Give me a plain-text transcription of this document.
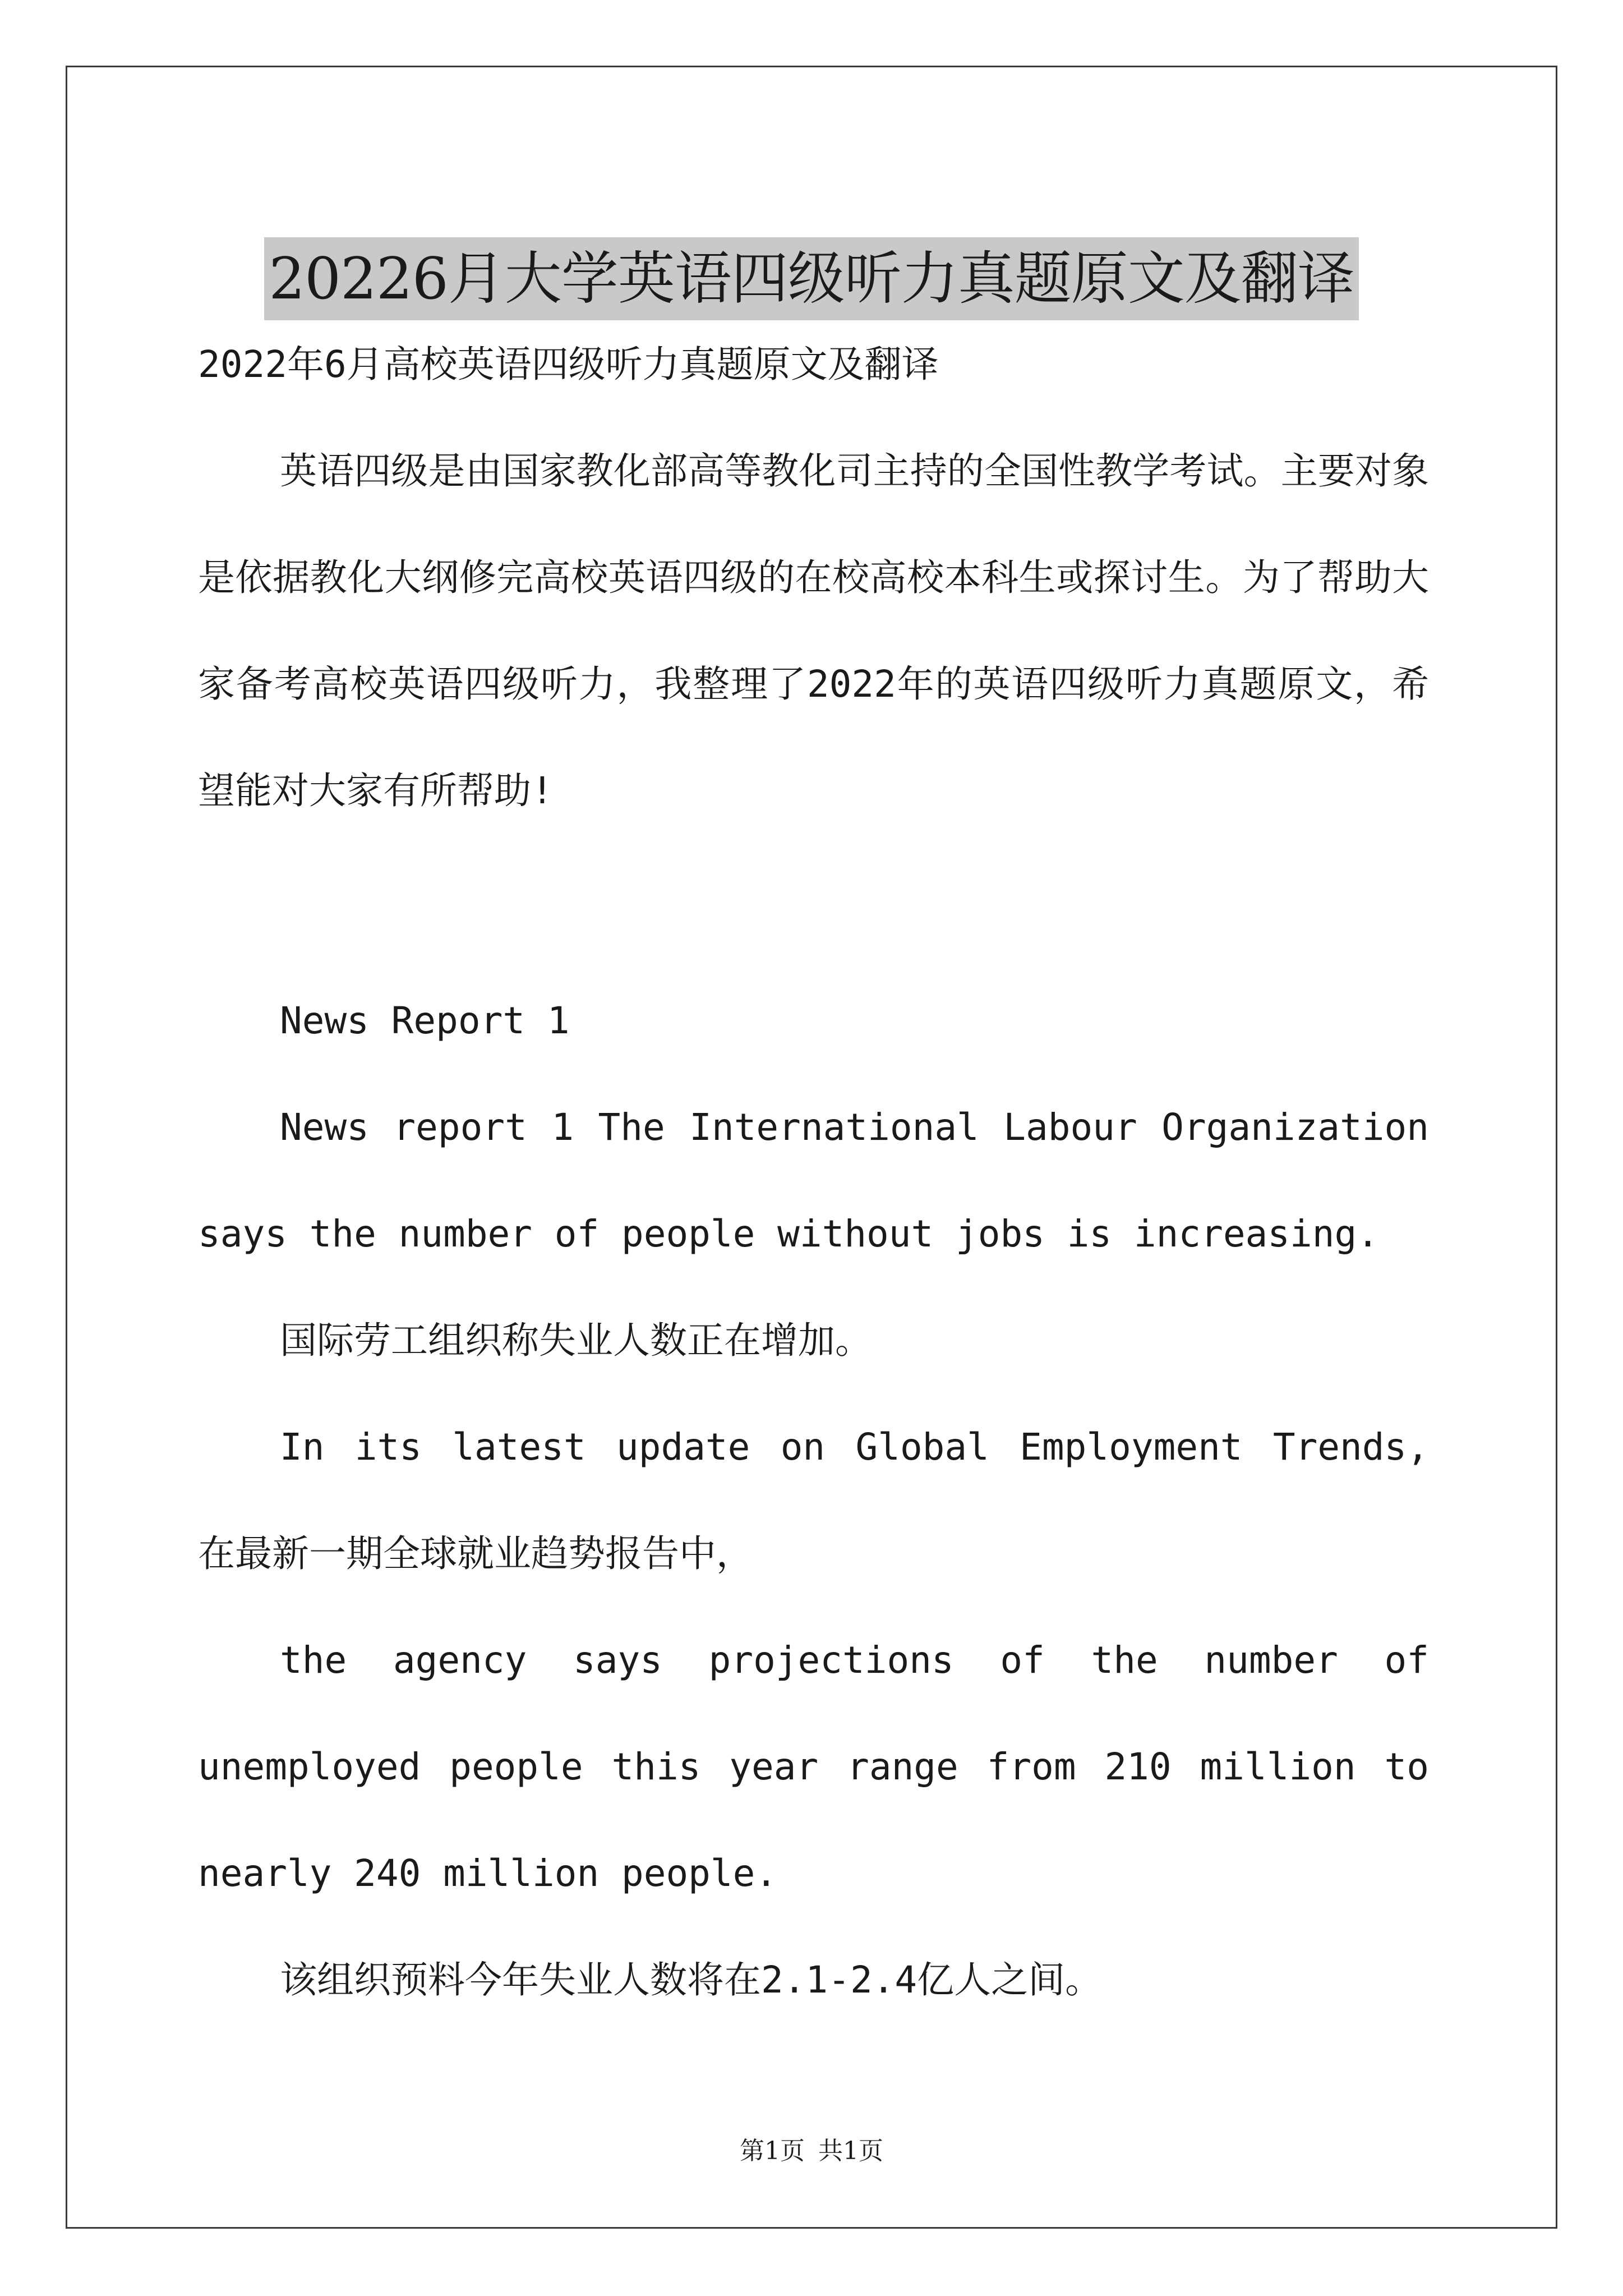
20226月大学英语四级听力真题原文及翻译

2022年6月高校英语四级听力真题原文及翻译

英语四级是由国家教化部高等教化司主持的全国性教学考试。主要对象是依据教化大纲修完高校英语四级的在校高校本科生或探讨生。为了帮助大家备考高校英语四级听力，我整理了2022年的英语四级听力真题原文，希望能对大家有所帮助!

News Report 1

News report 1 The International Labour Organization says the number of people without jobs is increasing.

国际劳工组织称失业人数正在增加。

In its latest update on Global Employment Trends, 在最新一期全球就业趋势报告中，

the agency says projections of the number of unemployed people this year range from 210 million to nearly 240 million people.

该组织预料今年失业人数将在2.1-2.4亿人之间。

第1页 共1页
